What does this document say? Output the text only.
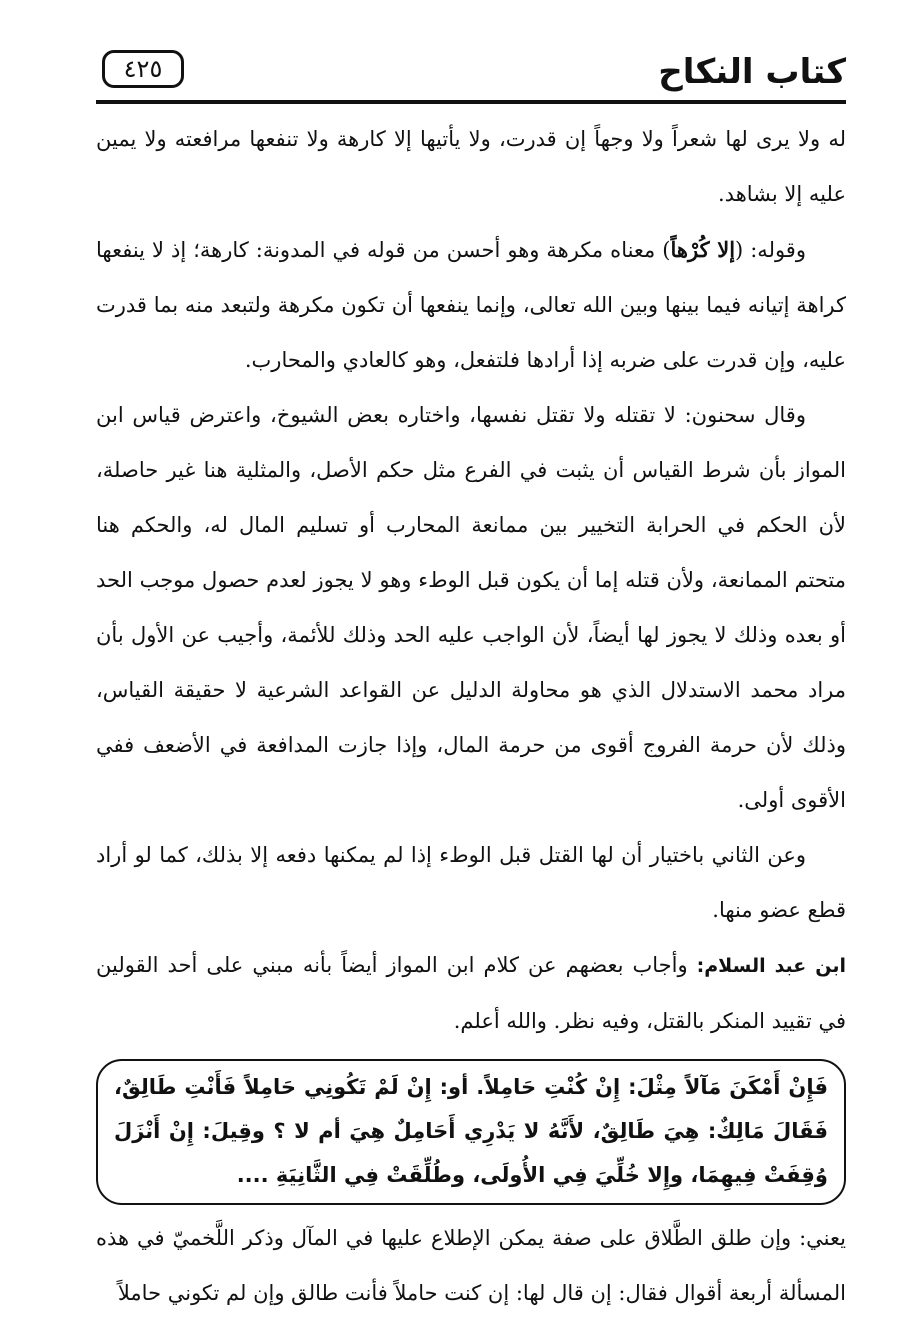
كتاب النكاح
٤٢٥

له ولا يرى لها شعراً ولا وجهاً إن قدرت، ولا يأتيها إلا كارهة ولا تنفعها مرافعته ولا يمين عليه إلا بشاهد.

وقوله: (إلا كُرْهاً) معناه مكرهة وهو أحسن من قوله في المدونة: كارهة؛ إذ لا ينفعها كراهة إتيانه فيما بينها وبين الله تعالى، وإنما ينفعها أن تكون مكرهة ولتبعد منه بما قدرت عليه، وإن قدرت على ضربه إذا أرادها فلتفعل، وهو كالعادي والمحارب.

وقال سحنون: لا تقتله ولا تقتل نفسها، واختاره بعض الشيوخ، واعترض قياس ابن المواز بأن شرط القياس أن يثبت في الفرع مثل حكم الأصل، والمثلية هنا غير حاصلة، لأن الحكم في الحرابة التخيير بين ممانعة المحارب أو تسليم المال له، والحكم هنا متحتم الممانعة، ولأن قتله إما أن يكون قبل الوطء وهو لا يجوز لعدم حصول موجب الحد أو بعده وذلك لا يجوز لها أيضاً، لأن الواجب عليه الحد وذلك للأئمة، وأجيب عن الأول بأن مراد محمد الاستدلال الذي هو محاولة الدليل عن القواعد الشرعية لا حقيقة القياس، وذلك لأن حرمة الفروج أقوى من حرمة المال، وإذا جازت المدافعة في الأضعف ففي الأقوى أولى.

وعن الثاني باختيار أن لها القتل قبل الوطء إذا لم يمكنها دفعه إلا بذلك، كما لو أراد قطع عضو منها.

ابن عبد السلام: وأجاب بعضهم عن كلام ابن المواز أيضاً بأنه مبني على أحد القولين في تقييد المنكر بالقتل، وفيه نظر. والله أعلم.

فَإِنْ أَمْكَنَ مَآلاً مِثْلَ: إِنْ كُنْتِ حَامِلاً. أو: إِنْ لَمْ تَكُونِي حَامِلاً فَأَنْتِ طَالِقٌ، فَقَالَ مَالِكٌ: هِيَ طَالِقٌ، لأَنَّهُ لا يَدْرِي أَحَامِلٌ هِيَ أم لا ؟ وقِيلَ: إِنْ أَنْزَلَ وُقِفَتْ فِيهِمَا، وإِلا خُلِّيَ فِي الأُولَى، وطُلِّقَتْ فِي الثَّانِيَةِ ....

يعني: وإن طلق الطَّلاق على صفة يمكن الإطلاع عليها في المآل وذكر اللَّخميّ في هذه المسألة أربعة أقوال فقال: إن قال لها: إن كنت حاملاً فأنت طالق وإن لم تكوني حاملاً
